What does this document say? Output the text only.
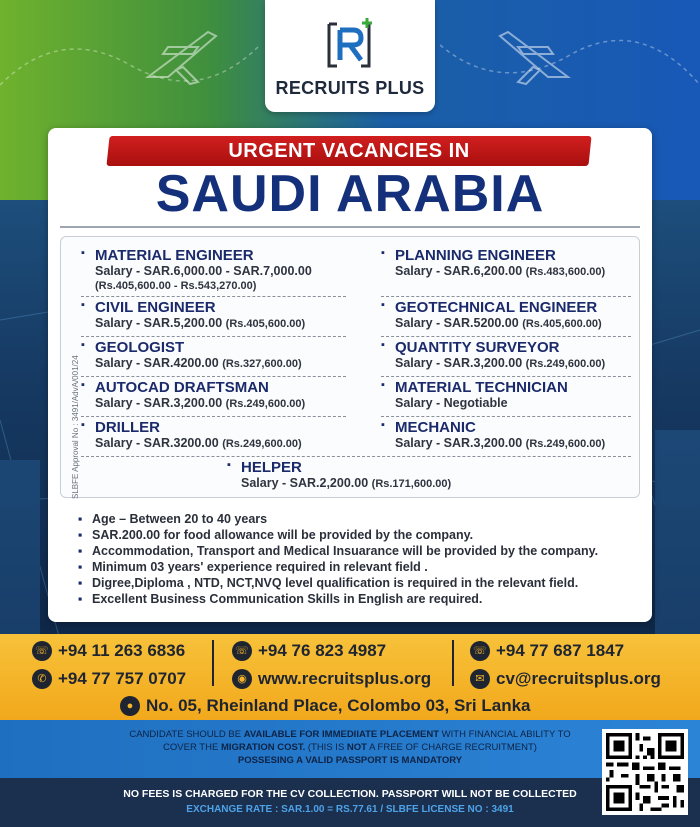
RECRUITS PLUS
URGENT VACANCIES IN
SAUDI ARABIA
SLBFE Approval No : 3491/AdvA/001/24
▪ MATERIAL ENGINEER
Salary - SAR.6,000.00 - SAR.7,000.00
(Rs.405,600.00 - Rs.543,270.00)
▪ PLANNING ENGINEER
Salary - SAR.6,200.00 (Rs.483,600.00)
▪ CIVIL ENGINEER
Salary - SAR.5,200.00 (Rs.405,600.00)
▪ GEOTECHNICAL ENGINEER
Salary - SAR.5200.00 (Rs.405,600.00)
▪ GEOLOGIST
Salary - SAR.4200.00 (Rs.327,600.00)
▪ QUANTITY SURVEYOR
Salary - SAR.3,200.00 (Rs.249,600.00)
▪ AUTOCAD DRAFTSMAN
Salary - SAR.3,200.00 (Rs.249,600.00)
▪ MATERIAL TECHNICIAN
Salary - Negotiable
▪ DRILLER
Salary - SAR.3200.00 (Rs.249,600.00)
▪ MECHANIC
Salary - SAR.3,200.00 (Rs.249,600.00)
▪ HELPER
Salary - SAR.2,200.00 (Rs.171,600.00)
▪ Age – Between 20 to 40 years
▪ SAR.200.00 for food allowance will be provided by the company.
▪ Accommodation, Transport and Medical Insuarance will be provided by the company.
▪ Minimum 03 years' experience required in relevant field .
▪ Digree,Diploma , NTD, NCT,NVQ level qualification is required in the relevant field.
▪ Excellent Business Communication Skills in English are required.
☏ +94 11 263 6836	☏ +94 76 823 4987	☏ +94 77 687 1847
✆ +94 77 757 0707	◉ www.recruitsplus.org	✉ cv@recruitsplus.org
● No. 05, Rheinland Place, Colombo 03, Sri Lanka
CANDIDATE SHOULD BE AVAILABLE FOR IMMEDIIATE PLACEMENT WITH FINANCIAL ABILITY TO
COVER THE MIGRATION COST. (THIS IS NOT A FREE OF CHARGE RECRUITMENT)
POSSESING A VALID PASSPORT IS MANDATORY
NO FEES IS CHARGED FOR THE CV COLLECTION. PASSPORT WILL NOT BE COLLECTED
EXCHANGE RATE : SAR.1.00 = RS.77.61 / SLBFE LICENSE NO : 3491
